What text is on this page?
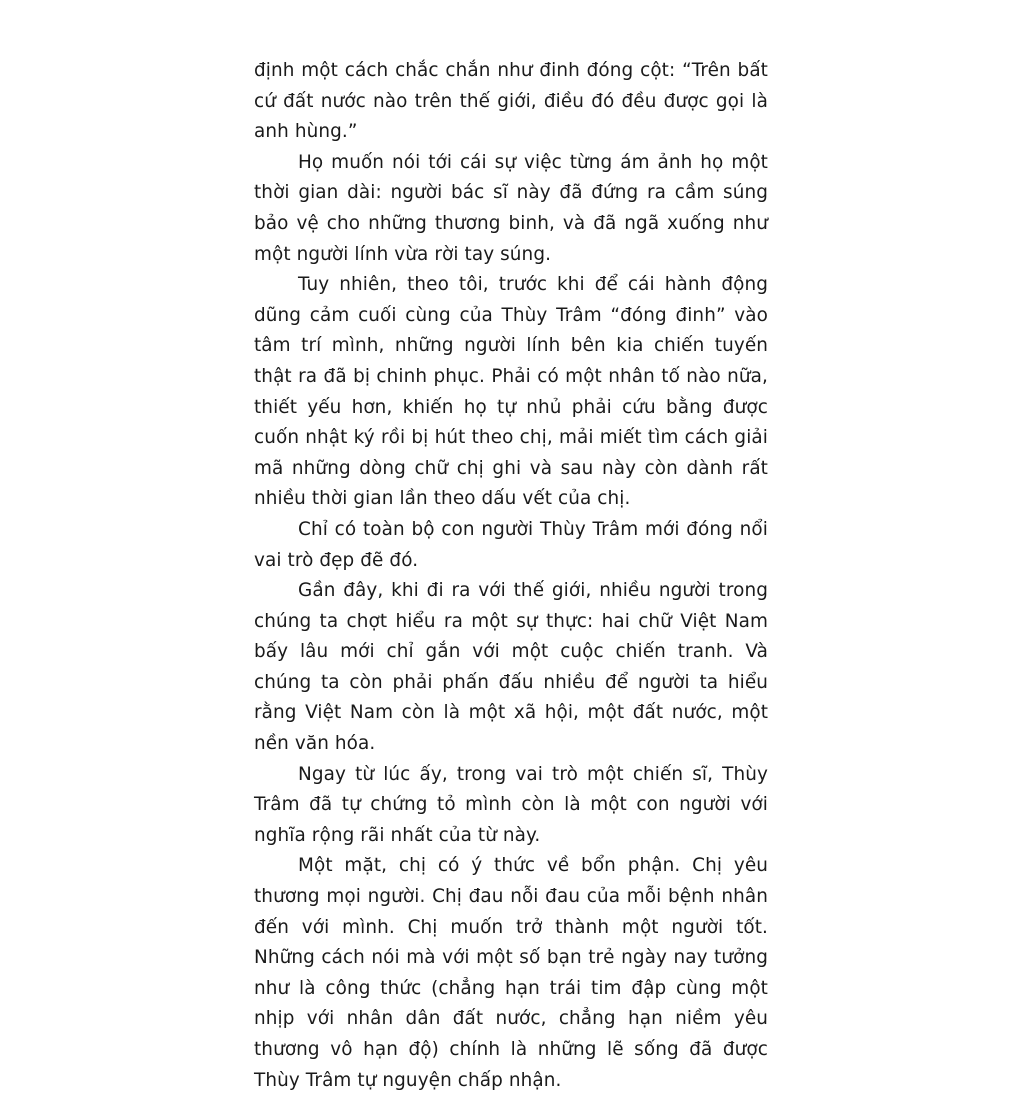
định một cách chắc chắn như đinh đóng cột: “Trên bất cứ đất nước nào trên thế giới, điều đó đều được gọi là anh hùng.”

Họ muốn nói tới cái sự việc từng ám ảnh họ một thời gian dài: người bác sĩ này đã đứng ra cầm súng bảo vệ cho những thương binh, và đã ngã xuống như một người lính vừa rời tay súng.

Tuy nhiên, theo tôi, trước khi để cái hành động dũng cảm cuối cùng của Thùy Trâm “đóng đinh” vào tâm trí mình, những người lính bên kia chiến tuyến thật ra đã bị chinh phục. Phải có một nhân tố nào nữa, thiết yếu hơn, khiến họ tự nhủ phải cứu bằng được cuốn nhật ký rồi bị hút theo chị, mải miết tìm cách giải mã những dòng chữ chị ghi và sau này còn dành rất nhiều thời gian lần theo dấu vết của chị.

Chỉ có toàn bộ con người Thùy Trâm mới đóng nổi vai trò đẹp đẽ đó.

Gần đây, khi đi ra với thế giới, nhiều người trong chúng ta chợt hiểu ra một sự thực: hai chữ Việt Nam bấy lâu mới chỉ gắn với một cuộc chiến tranh. Và chúng ta còn phải phấn đấu nhiều để người ta hiểu rằng Việt Nam còn là một xã hội, một đất nước, một nền văn hóa.

Ngay từ lúc ấy, trong vai trò một chiến sĩ, Thùy Trâm đã tự chứng tỏ mình còn là một con người với nghĩa rộng rãi nhất của từ này.

Một mặt, chị có ý thức về bổn phận. Chị yêu thương mọi người. Chị đau nỗi đau của mỗi bệnh nhân đến với mình. Chị muốn trở thành một người tốt. Những cách nói mà với một số bạn trẻ ngày nay tưởng như là công thức (chẳng hạn trái tim đập cùng một nhịp với nhân dân đất nước, chẳng hạn niềm yêu thương vô hạn độ) chính là những lẽ sống đã được Thùy Trâm tự nguyện chấp nhận.
